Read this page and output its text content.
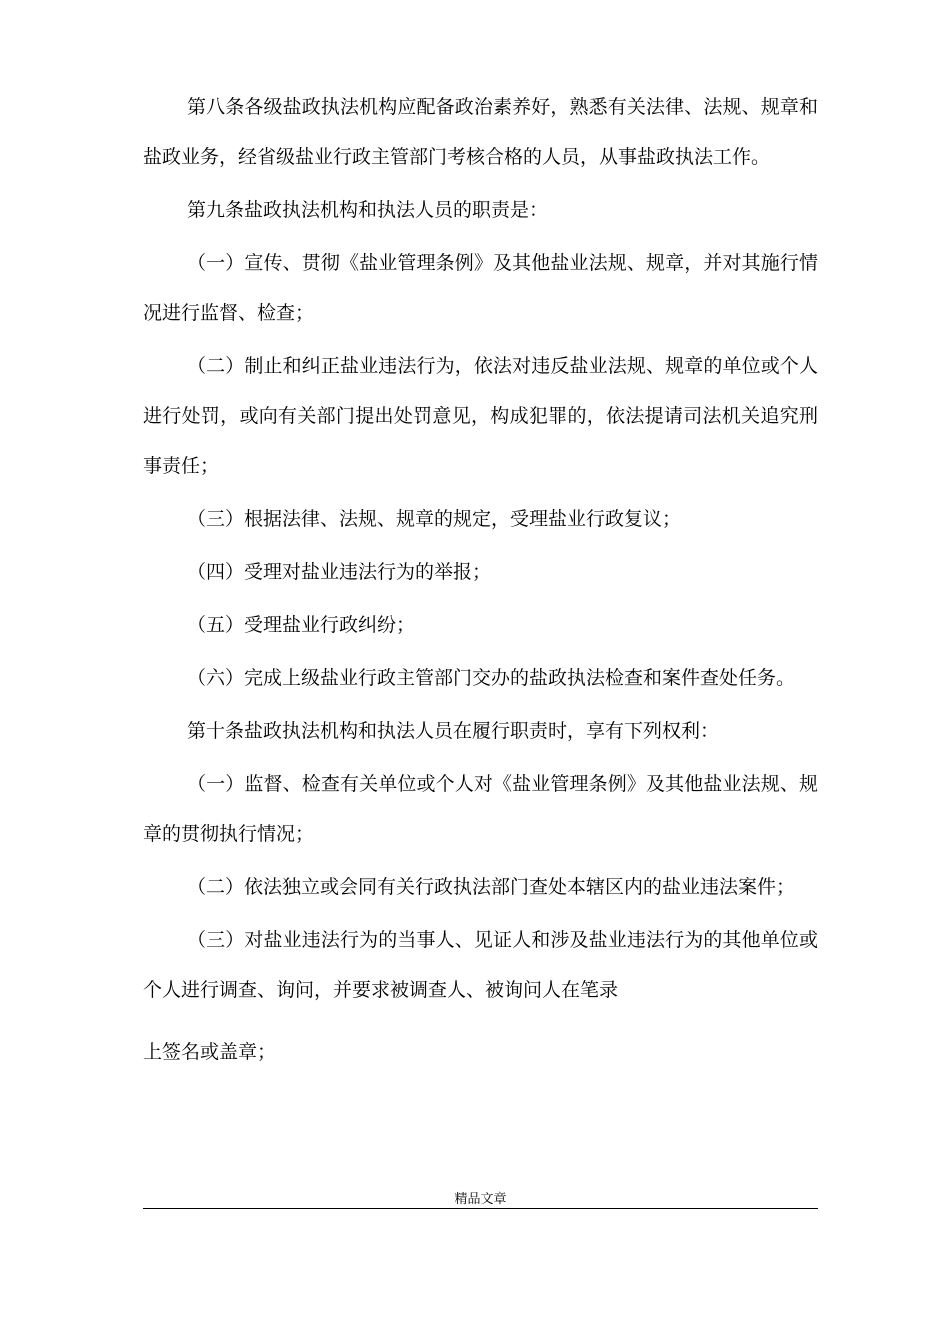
第八条各级盐政执法机构应配备政治素养好，熟悉有关法律、法规、规章和盐政业务，经省级盐业行政主管部门考核合格的人员，从事盐政执法工作。

第九条盐政执法机构和执法人员的职责是：

（一）宣传、贯彻《盐业管理条例》及其他盐业法规、规章，并对其施行情况进行监督、检查；

（二）制止和纠正盐业违法行为，依法对违反盐业法规、规章的单位或个人进行处罚，或向有关部门提出处罚意见，构成犯罪的，依法提请司法机关追究刑事责任；

（三）根据法律、法规、规章的规定，受理盐业行政复议；

（四）受理对盐业违法行为的举报；

（五）受理盐业行政纠纷；

（六）完成上级盐业行政主管部门交办的盐政执法检查和案件查处任务。

第十条盐政执法机构和执法人员在履行职责时，享有下列权利：

（一）监督、检查有关单位或个人对《盐业管理条例》及其他盐业法规、规章的贯彻执行情况；

（二）依法独立或会同有关行政执法部门查处本辖区内的盐业违法案件；

（三）对盐业违法行为的当事人、见证人和涉及盐业违法行为的其他单位或个人进行调查、询问，并要求被调查人、被询问人在笔录

上签名或盖章；

精品文章
